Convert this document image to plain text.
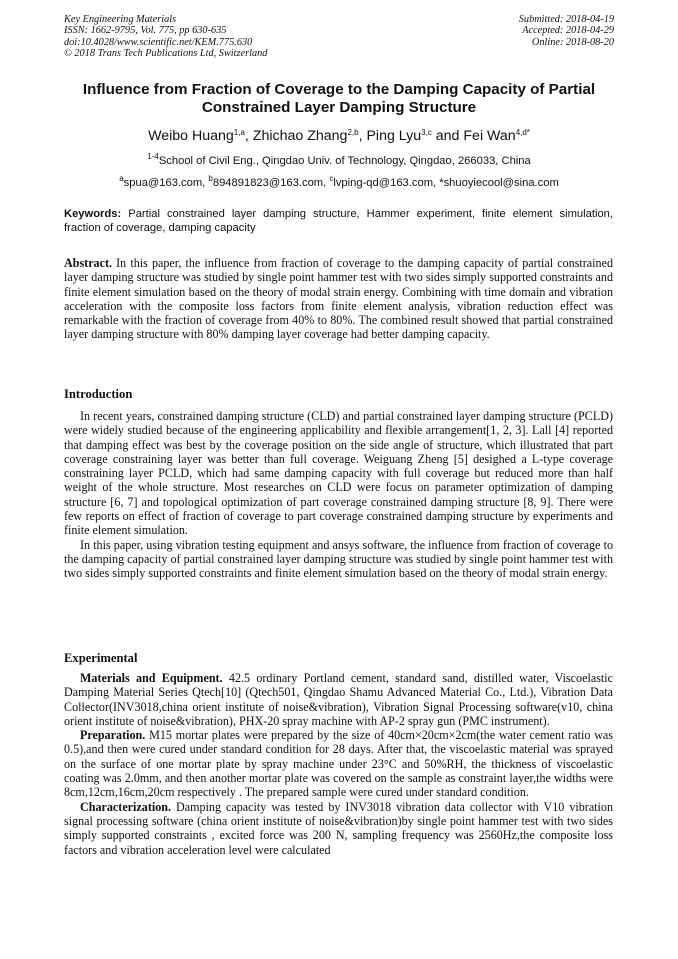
Key Engineering Materials
ISSN: 1662-9795, Vol. 775, pp 630-635
doi:10.4028/www.scientific.net/KEM.775.630
© 2018 Trans Tech Publications Ltd, Switzerland
Submitted: 2018-04-19
Accepted: 2018-04-29
Online: 2018-08-20
Influence from Fraction of Coverage to the Damping Capacity of Partial Constrained Layer Damping Structure
Weibo Huang$^{1,a}$, Zhichao Zhang$^{2,b}$, Ping Lyu$^{3,c}$ and Fei Wan$^{4,d*}$
$^{1-4}$School of Civil Eng., Qingdao Univ. of Technology, Qingdao, 266033, China
$^a$spua@163.com, $^b$894891823@163.com, $^c$lvping-qd@163.com, *shuoyiecool@sina.com
Keywords: Partial constrained layer damping structure, Hammer experiment, finite element simulation, fraction of coverage, damping capacity

Abstract. In this paper, the influence from fraction of coverage to the damping capacity of partial constrained layer damping structure was studied by single point hammer test with two sides simply supported constraints and finite element simulation based on the theory of modal strain energy. Combining with time domain and vibration acceleration with the composite loss factors from finite element analysis, vibration reduction effect was remarkable with the fraction of coverage from 40% to 80%. The combined result showed that partial constrained layer damping structure with 80% damping layer coverage had better damping capacity.

Introduction

In recent years, constrained damping structure (CLD) and partial constrained layer damping structure (PCLD) were widely studied because of the engineering applicability and flexible arrangement[1, 2, 3]. Lall [4] reported that damping effect was best by the coverage position on the side angle of structure, which illustrated that part coverage constraining layer was better than full coverage. Weiguang Zheng [5] desighed a L-type coverage constraining layer PCLD, which had same damping capacity with full coverage but reduced more than half weight of the whole structure. Most researches on CLD were focus on parameter optimization of damping structure [6, 7] and topological optimization of part coverage constrained damping structure [8, 9]. There were few reports on effect of fraction of coverage to part coverage constrained damping structure by experiments and finite element simulation.

In this paper, using vibration testing equipment and ansys software, the influence from fraction of coverage to the damping capacity of partial constrained layer damping structure was studied by single point hammer test with two sides simply supported constraints and finite element simulation based on the theory of modal strain energy.

Experimental

Materials and Equipment. 42.5 ordinary Portland cement, standard sand, distilled water, Viscoelastic Damping Material Series Qtech[10] (Qtech501, Qingdao Shamu Advanced Material Co., Ltd.), Vibration Data Collector(INV3018,china orient institute of noise&vibration), Vibration Signal Processing software(v10, china orient institute of noise&vibration), PHX-20 spray machine with AP-2 spray gun (PMC instrument).

Preparation. M15 mortar plates were prepared by the size of 40cm×20cm×2cm(the water cement ratio was 0.5),and then were cured under standard condition for 28 days. After that, the viscoelastic material was sprayed on the surface of one mortar plate by spray machine under 23°C and 50%RH, the thickness of viscoelastic coating was 2.0mm, and then another mortar plate was covered on the sample as constraint layer,the widths were 8cm,12cm,16cm,20cm respectively . The prepared sample were cured under standard condition.

Characterization. Damping capacity was tested by INV3018 vibration data collector with V10 vibration signal processing software (china orient institute of noise&vibration)by single point hammer test with two sides simply supported constraints , excited force was 200 N, sampling frequency was 2560Hz,the composite loss factors and vibration acceleration level were calculated
